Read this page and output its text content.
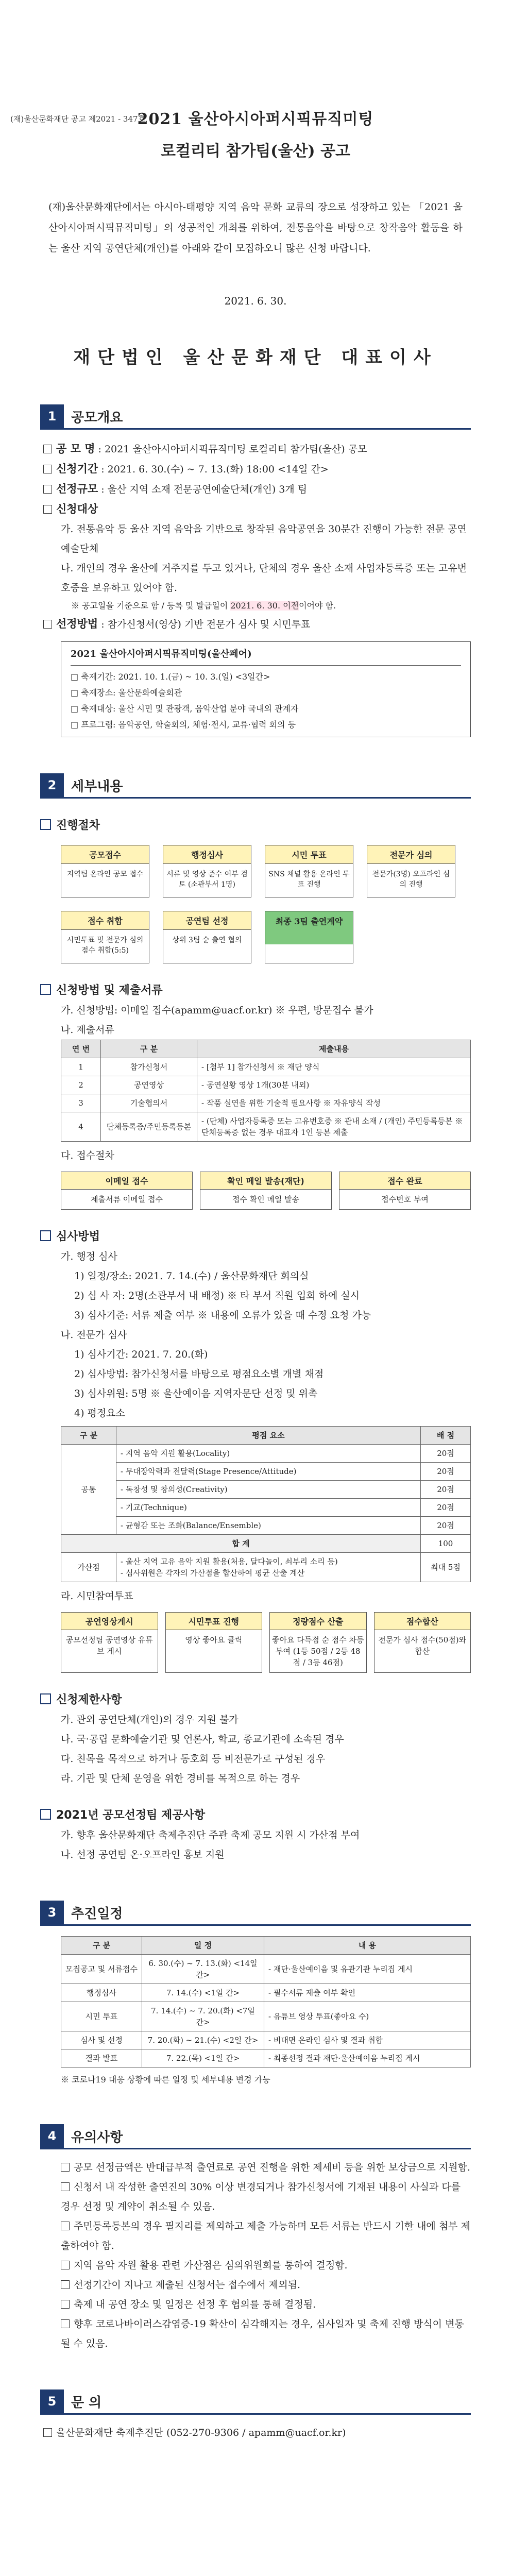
(재)울산문화재단 공고 제2021 - 347호
2021 울산아시아퍼시픽뮤직미팅
로컬리티 참가팀(울산) 공고
(재)울산문화재단에서는 아시아-태평양 지역 음악 문화 교류의 장으로 성장하고 있는 「2021 울산아시아퍼시픽뮤직미팅」의 성공적인 개최를 위하여, 전통음악을 바탕으로 창작음악 활동을 하는 울산 지역 공연단체(개인)를 아래와 같이 모집하오니 많은 신청 바랍니다.
2021. 6. 30.
재단법인 울산문화재단 대표이사
1	공모개요
공 모 명 : 2021 울산아시아퍼시픽뮤직미팅 로컬리티 참가팀(울산) 공모
신청기간 : 2021. 6. 30.(수) ~ 7. 13.(화) 18:00 <14일 간>
선정규모 : 울산 지역 소재 전문공연예술단체(개인) 3개 팀
신청대상
가. 전통음악 등 울산 지역 음악을 기반으로 창작된 음악공연을 30분간 진행이 가능한 전문 공연예술단체
나. 개인의 경우 울산에 거주지를 두고 있거나, 단체의 경우 울산 소재 사업자등록증 또는 고유번호증을 보유하고 있어야 함.
※ 공고일을 기준으로 함 / 등록 및 발급일이 2021. 6. 30. 이전이어야 함.
선정방법 : 참가신청서(영상) 기반 전문가 심사 및 시민투표
2021 울산아시아퍼시픽뮤직미팅(울산페어)
□ 축제기간: 2021. 10. 1.(금) ~ 10. 3.(일) <3일간>
□ 축제장소: 울산문화예술회관
□ 축제대상: 울산 시민 및 관광객, 음악산업 분야 국내외 관계자
□ 프로그램: 음악공연, 학술회의, 체험·전시, 교류·협력 회의 등
2	세부내용
진행절차
공모접수
지역팀 온라인 공모 접수
행정심사
서류 및 영상 준수 여부 검토 (소관부서 1명)
시민 투표
SNS 채널 활용 온라인 투표 진행
전문가 심의
전문가(3명) 오프라인 심의 진행
접수 취합
시민투표 및 전문가 심의 점수 취합(5:5)
공연팀 선정
상위 3팀 순 출연 협의
최종 3팀 출연계약
신청방법 및 제출서류
가. 신청방법: 이메일 접수(apamm@uacf.or.kr) ※ 우편, 방문접수 불가
나. 제출서류
연 번	구 분	제출내용
1	참가신청서	- [첨부 1] 참가신청서 ※ 재단 양식
2	공연영상	- 공연실황 영상 1개(30분 내외)
3	기술협의서	- 작품 실연을 위한 기술적 필요사항 ※ 자유양식 작성
4	단체등록증/주민등록등본	- (단체) 사업자등록증 또는 고유번호증 ※ 관내 소재 / (개인) 주민등록등본 ※ 단체등록증 없는 경우 대표자 1인 등본 제출
다. 접수절차
이메일 접수
제출서류 이메일 접수
확인 메일 발송(재단)
접수 확인 메일 발송
접수 완료
접수번호 부여
심사방법
가. 행정 심사
1) 일정/장소: 2021. 7. 14.(수) / 울산문화재단 회의실
2) 심 사 자: 2명(소관부서 내 배정) ※ 타 부서 직원 입회 하에 실시
3) 심사기준: 서류 제출 여부 ※ 내용에 오류가 있을 때 수정 요청 가능
나. 전문가 심사
1) 심사기간: 2021. 7. 20.(화)
2) 심사방법: 참가신청서를 바탕으로 평점요소별 개별 채점
3) 심사위원: 5명 ※ 울산예이음 지역자문단 선정 및 위촉
4) 평정요소
구 분	평점 요소	배 점
공통	- 지역 음악 지원 활용(Locality)	20점
	- 무대장악력과 전달력(Stage Presence/Attitude)	20점
	- 독창성 및 창의성(Creativity)	20점
	- 기교(Technique)	20점
	- 균형감 또는 조화(Balance/Ensemble)	20점
합 계		100
가산점	- 울산 지역 고유 음악 지원 활용(처용, 달다놀이, 쇠부리 소리 등)
- 심사위원은 각자의 가산점을 합산하여 평균 산출 계산	최대 5점
라. 시민참여투표
공연영상게시
공모선정팀 공연영상 유튜브 게시
시민투표 진행
영상 좋아요 클릭
정량점수 산출
좋아요 다득점 순 점수 차등 부여 (1등 50점 / 2등 48점 / 3등 46점)
점수합산
전문가 심사 점수(50점)와 합산
신청제한사항
가. 관외 공연단체(개인)의 경우 지원 불가
나. 국·공립 문화예술기관 및 언론사, 학교, 종교기관에 소속된 경우
다. 친목을 목적으로 하거나 동호회 등 비전문가로 구성된 경우
라. 기관 및 단체 운영을 위한 경비를 목적으로 하는 경우
2021년 공모선정팀 제공사항
가. 향후 울산문화재단 축제추진단 주관 축제 공모 지원 시 가산점 부여
나. 선정 공연팀 온·오프라인 홍보 지원
3	추진일정
구 분	일 정	내 용
모집공고 및 서류접수	6. 30.(수) ~ 7. 13.(화) <14일 간>	- 재단·울산예이음 및 유관기관 누리집 게시
행정심사	7. 14.(수) <1일 간>	- 필수서류 제출 여부 확인
시민 투표	7. 14.(수) ~ 7. 20.(화) <7일 간>	- 유튜브 영상 투표(좋아요 수)
심사 및 선정	7. 20.(화) ~ 21.(수) <2일 간>	- 비대면 온라인 심사 및 결과 취합
결과 발표	7. 22.(목) <1일 간>	- 최종선정 결과 재단·울산예이음 누리집 게시
※ 코로나19 대응 상황에 따른 일정 및 세부내용 변경 가능
4	유의사항
공모 선정금액은 반대급부적 출연료로 공연 진행을 위한 제세비 등을 위한 보상금으로 지원함.
신청서 내 작성한 출연진의 30% 이상 변경되거나 참가신청서에 기재된 내용이 사실과 다를 경우 선정 및 계약이 취소될 수 있음.
주민등록등본의 경우 필지리를 제외하고 제출 가능하며 모든 서류는 반드시 기한 내에 첨부 제출하여야 함.
지역 음악 자원 활용 관련 가산점은 심의위원회를 통하여 결정함.
선정기간이 지나고 제출된 신청서는 접수에서 제외됨.
축제 내 공연 장소 및 일정은 선정 후 협의를 통해 결정됨.
향후 코로나바이러스감염증-19 확산이 심각해지는 경우, 심사일자 및 축제 진행 방식이 변동될 수 있음.
5	문 의
울산문화재단 축제추진단 (052-270-9306 / apamm@uacf.or.kr)
